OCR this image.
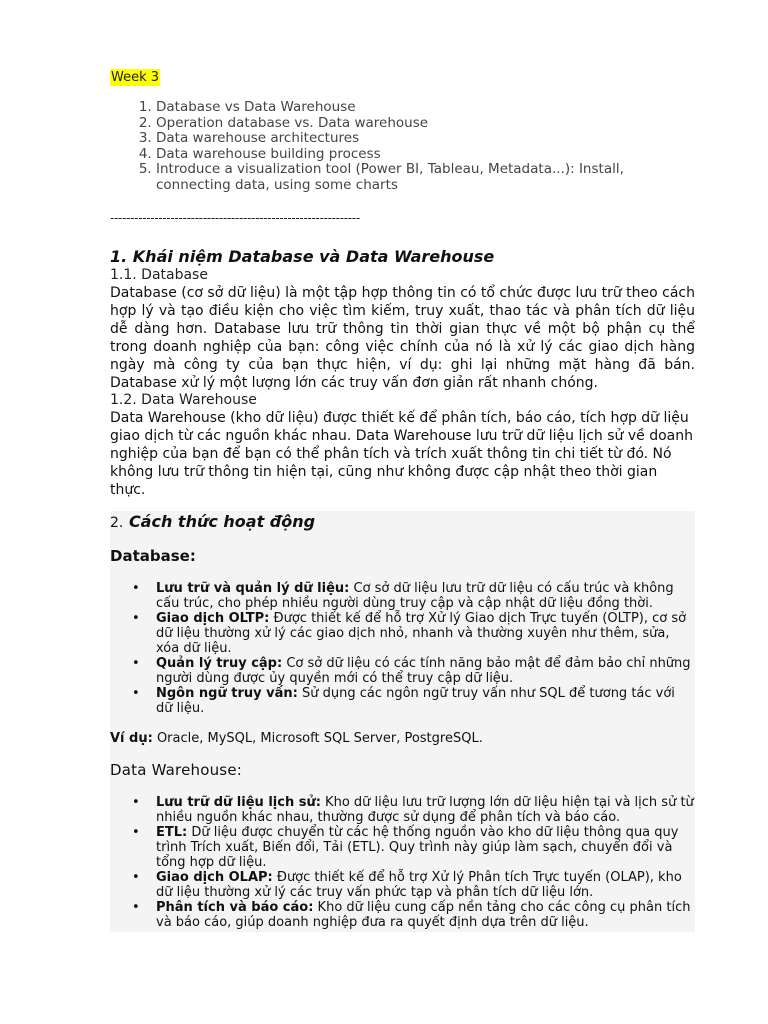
Week 3
1. Database vs Data Warehouse
2. Operation database vs. Data warehouse
3. Data warehouse architectures
4. Data warehouse building process
5. Introduce a visualization tool (Power BI, Tableau, Metadata...): Install, connecting data, using some charts
--------------------------------------------------------------
1. Khái niệm Database và Data Warehouse

1.1. Database

Database (cơ sở dữ liệu) là một tập hợp thông tin có tổ chức được lưu trữ theo cách hợp lý và tạo điều kiện cho việc tìm kiếm, truy xuất, thao tác và phân tích dữ liệu dễ dàng hơn. Database lưu trữ thông tin thời gian thực về một bộ phận cụ thể trong doanh nghiệp của bạn: công việc chính của nó là xử lý các giao dịch hàng ngày mà công ty của bạn thực hiện, ví dụ: ghi lại những mặt hàng đã bán. Database xử lý một lượng lớn các truy vấn đơn giản rất nhanh chóng.

1.2. Data Warehouse

Data Warehouse (kho dữ liệu) được thiết kế để phân tích, báo cáo, tích hợp dữ liệu giao dịch từ các nguồn khác nhau. Data Warehouse lưu trữ dữ liệu lịch sử về doanh nghiệp của bạn để bạn có thể phân tích và trích xuất thông tin chi tiết từ đó. Nó không lưu trữ thông tin hiện tại, cũng như không được cập nhật theo thời gian thực.

2. Cách thức hoạt động
Database:
• Lưu trữ và quản lý dữ liệu: Cơ sở dữ liệu lưu trữ dữ liệu có cấu trúc và không cấu trúc, cho phép nhiều người dùng truy cập và cập nhật dữ liệu đồng thời.
• Giao dịch OLTP: Được thiết kế để hỗ trợ Xử lý Giao dịch Trực tuyến (OLTP), cơ sở dữ liệu thường xử lý các giao dịch nhỏ, nhanh và thường xuyên như thêm, sửa, xóa dữ liệu.
• Quản lý truy cập: Cơ sở dữ liệu có các tính năng bảo mật để đảm bảo chỉ những người dùng được ủy quyền mới có thể truy cập dữ liệu.
• Ngôn ngữ truy vấn: Sử dụng các ngôn ngữ truy vấn như SQL để tương tác với dữ liệu.

Ví dụ: Oracle, MySQL, Microsoft SQL Server, PostgreSQL.

Data Warehouse:
• Lưu trữ dữ liệu lịch sử: Kho dữ liệu lưu trữ lượng lớn dữ liệu hiện tại và lịch sử từ nhiều nguồn khác nhau, thường được sử dụng để phân tích và báo cáo.
• ETL: Dữ liệu được chuyển từ các hệ thống nguồn vào kho dữ liệu thông qua quy trình Trích xuất, Biến đổi, Tải (ETL). Quy trình này giúp làm sạch, chuyển đổi và tổng hợp dữ liệu.
• Giao dịch OLAP: Được thiết kế để hỗ trợ Xử lý Phân tích Trực tuyến (OLAP), kho dữ liệu thường xử lý các truy vấn phức tạp và phân tích dữ liệu lớn.
• Phân tích và báo cáo: Kho dữ liệu cung cấp nền tảng cho các công cụ phân tích và báo cáo, giúp doanh nghiệp đưa ra quyết định dựa trên dữ liệu.
